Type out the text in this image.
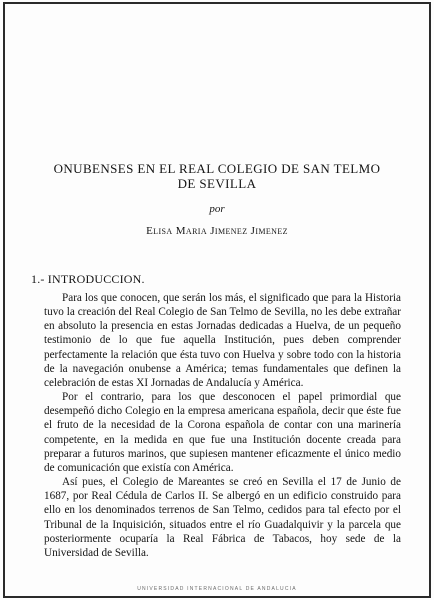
ONUBENSES EN EL REAL COLEGIO DE SAN TELMO
DE SEVILLA
por
Elisa Maria Jimenez Jimenez
1.- INTRODUCCION.

Para los que conocen, que serán los más, el significado que para la Historia tuvo la creación del Real Colegio de San Telmo de Sevilla, no les debe extrañar en absoluto la presencia en estas Jornadas dedicadas a Huelva, de un pequeño testimonio de lo que fue aquella Institución, pues deben comprender perfectamente la relación que ésta tuvo con Huelva y sobre todo con la historia de la navegación onubense a América; temas fundamentales que definen la celebración de estas XI Jornadas de Andalucía y América.

Por el contrario, para los que desconocen el papel primordial que desempeñó dicho Colegio en la empresa americana española, decir que éste fue el fruto de la necesidad de la Corona española de contar con una marinería competente, en la medida en que fue una Institución docente creada para preparar a futuros marinos, que supiesen mantener eficazmente el único medio de comunicación que existía con América.

Así pues, el Colegio de Mareantes se creó en Sevilla el 17 de Junio de 1687, por Real Cédula de Carlos II. Se albergó en un edificio construido para ello en los denominados terrenos de San Telmo, cedidos para tal efecto por el Tribunal de la Inquisición, situados entre el río Guadalquivir y la parcela que posteriormente ocuparía la Real Fábrica de Tabacos, hoy sede de la Universidad de Sevilla.

UNIVERSIDAD INTERNACIONAL DE ANDALUCIA
